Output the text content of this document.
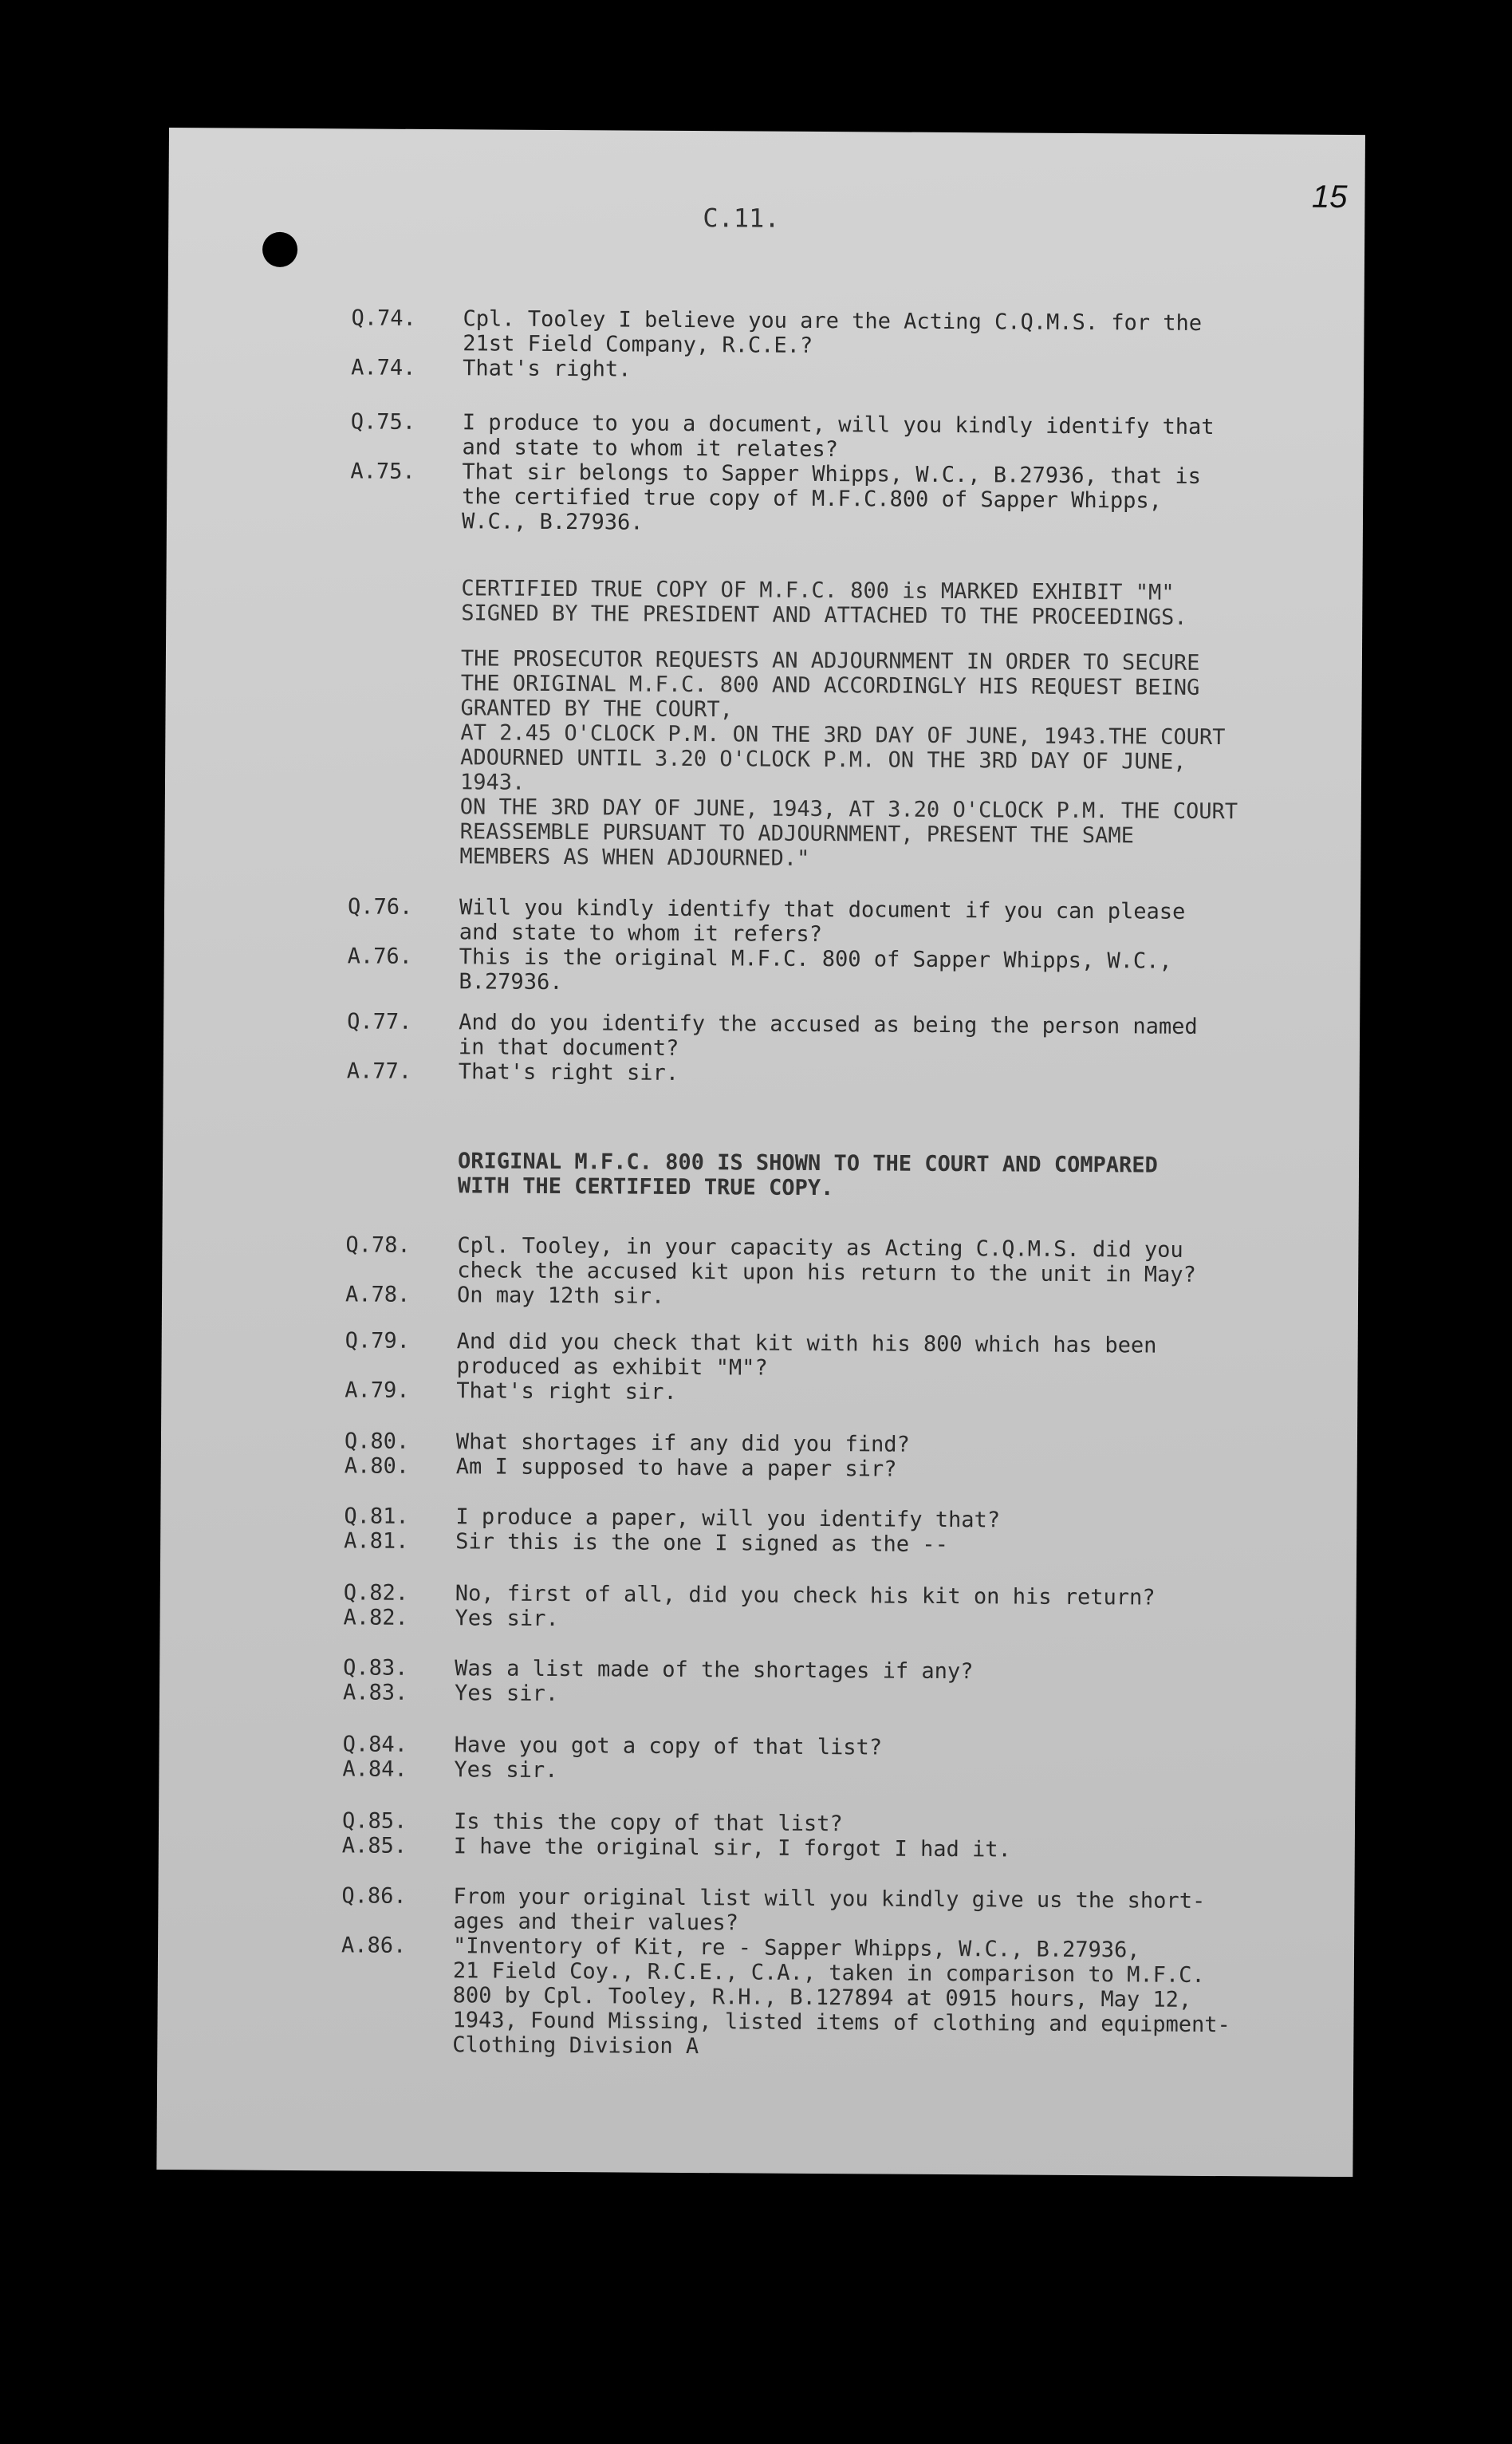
15
C.11.
Q.74.	Cpl. Tooley I believe you are the Acting C.Q.M.S. for the
21st Field Company, R.C.E.?
A.74.	That's right.
Q.75.	I produce to you a document, will you kindly identify that
and state to whom it relates?
A.75.	That sir belongs to Sapper Whipps, W.C., B.27936, that is
the certified true copy of M.F.C.800 of Sapper Whipps,
W.C., B.27936.
CERTIFIED TRUE COPY OF M.F.C. 800 is MARKED EXHIBIT "M"
SIGNED BY THE PRESIDENT AND ATTACHED TO THE PROCEEDINGS.
THE PROSECUTOR REQUESTS AN ADJOURNMENT IN ORDER TO SECURE
THE ORIGINAL M.F.C. 800 AND ACCORDINGLY HIS REQUEST BEING
GRANTED BY THE COURT,
AT 2.45 O'CLOCK P.M. ON THE 3RD DAY OF JUNE, 1943.THE COURT
ADOURNED UNTIL 3.20 O'CLOCK P.M. ON THE 3RD DAY OF JUNE,
1943.
ON THE 3RD DAY OF JUNE, 1943, AT 3.20 O'CLOCK P.M. THE COURT
REASSEMBLE PURSUANT TO ADJOURNMENT, PRESENT THE SAME
MEMBERS AS WHEN ADJOURNED."
Q.76.	Will you kindly identify that document if you can please
and state to whom it refers?
A.76.	This is the original M.F.C. 800 of Sapper Whipps, W.C.,
B.27936.
Q.77.	And do you identify the accused as being the person named
in that document?
A.77.	That's right sir.
ORIGINAL M.F.C. 800 IS SHOWN TO THE COURT AND COMPARED
WITH THE CERTIFIED TRUE COPY.
Q.78.	Cpl. Tooley, in your capacity as Acting C.Q.M.S. did you
check the accused kit upon his return to the unit in May?
A.78.	On may 12th sir.
Q.79.	And did you check that kit with his 800 which has been
produced as exhibit "M"?
A.79.	That's right sir.
Q.80.	What shortages if any did you find?
A.80.	Am I supposed to have a paper sir?
Q.81.	I produce a paper, will you identify that?
A.81.	Sir this is the one I signed as the --
Q.82.	No, first of all, did you check his kit on his return?
A.82.	Yes sir.
Q.83.	Was a list made of the shortages if any?
A.83.	Yes sir.
Q.84.	Have you got a copy of that list?
A.84.	Yes sir.
Q.85.	Is this the copy of that list?
A.85.	I have the original sir, I forgot I had it.
Q.86.	From your original list will you kindly give us the short-
ages and their values?
A.86.	"Inventory of Kit, re - Sapper Whipps, W.C., B.27936,
21 Field Coy., R.C.E., C.A., taken in comparison to M.F.C.
800 by Cpl. Tooley, R.H., B.127894 at 0915 hours, May 12,
1943, Found Missing, listed items of clothing and equipment-
Clothing Division A
